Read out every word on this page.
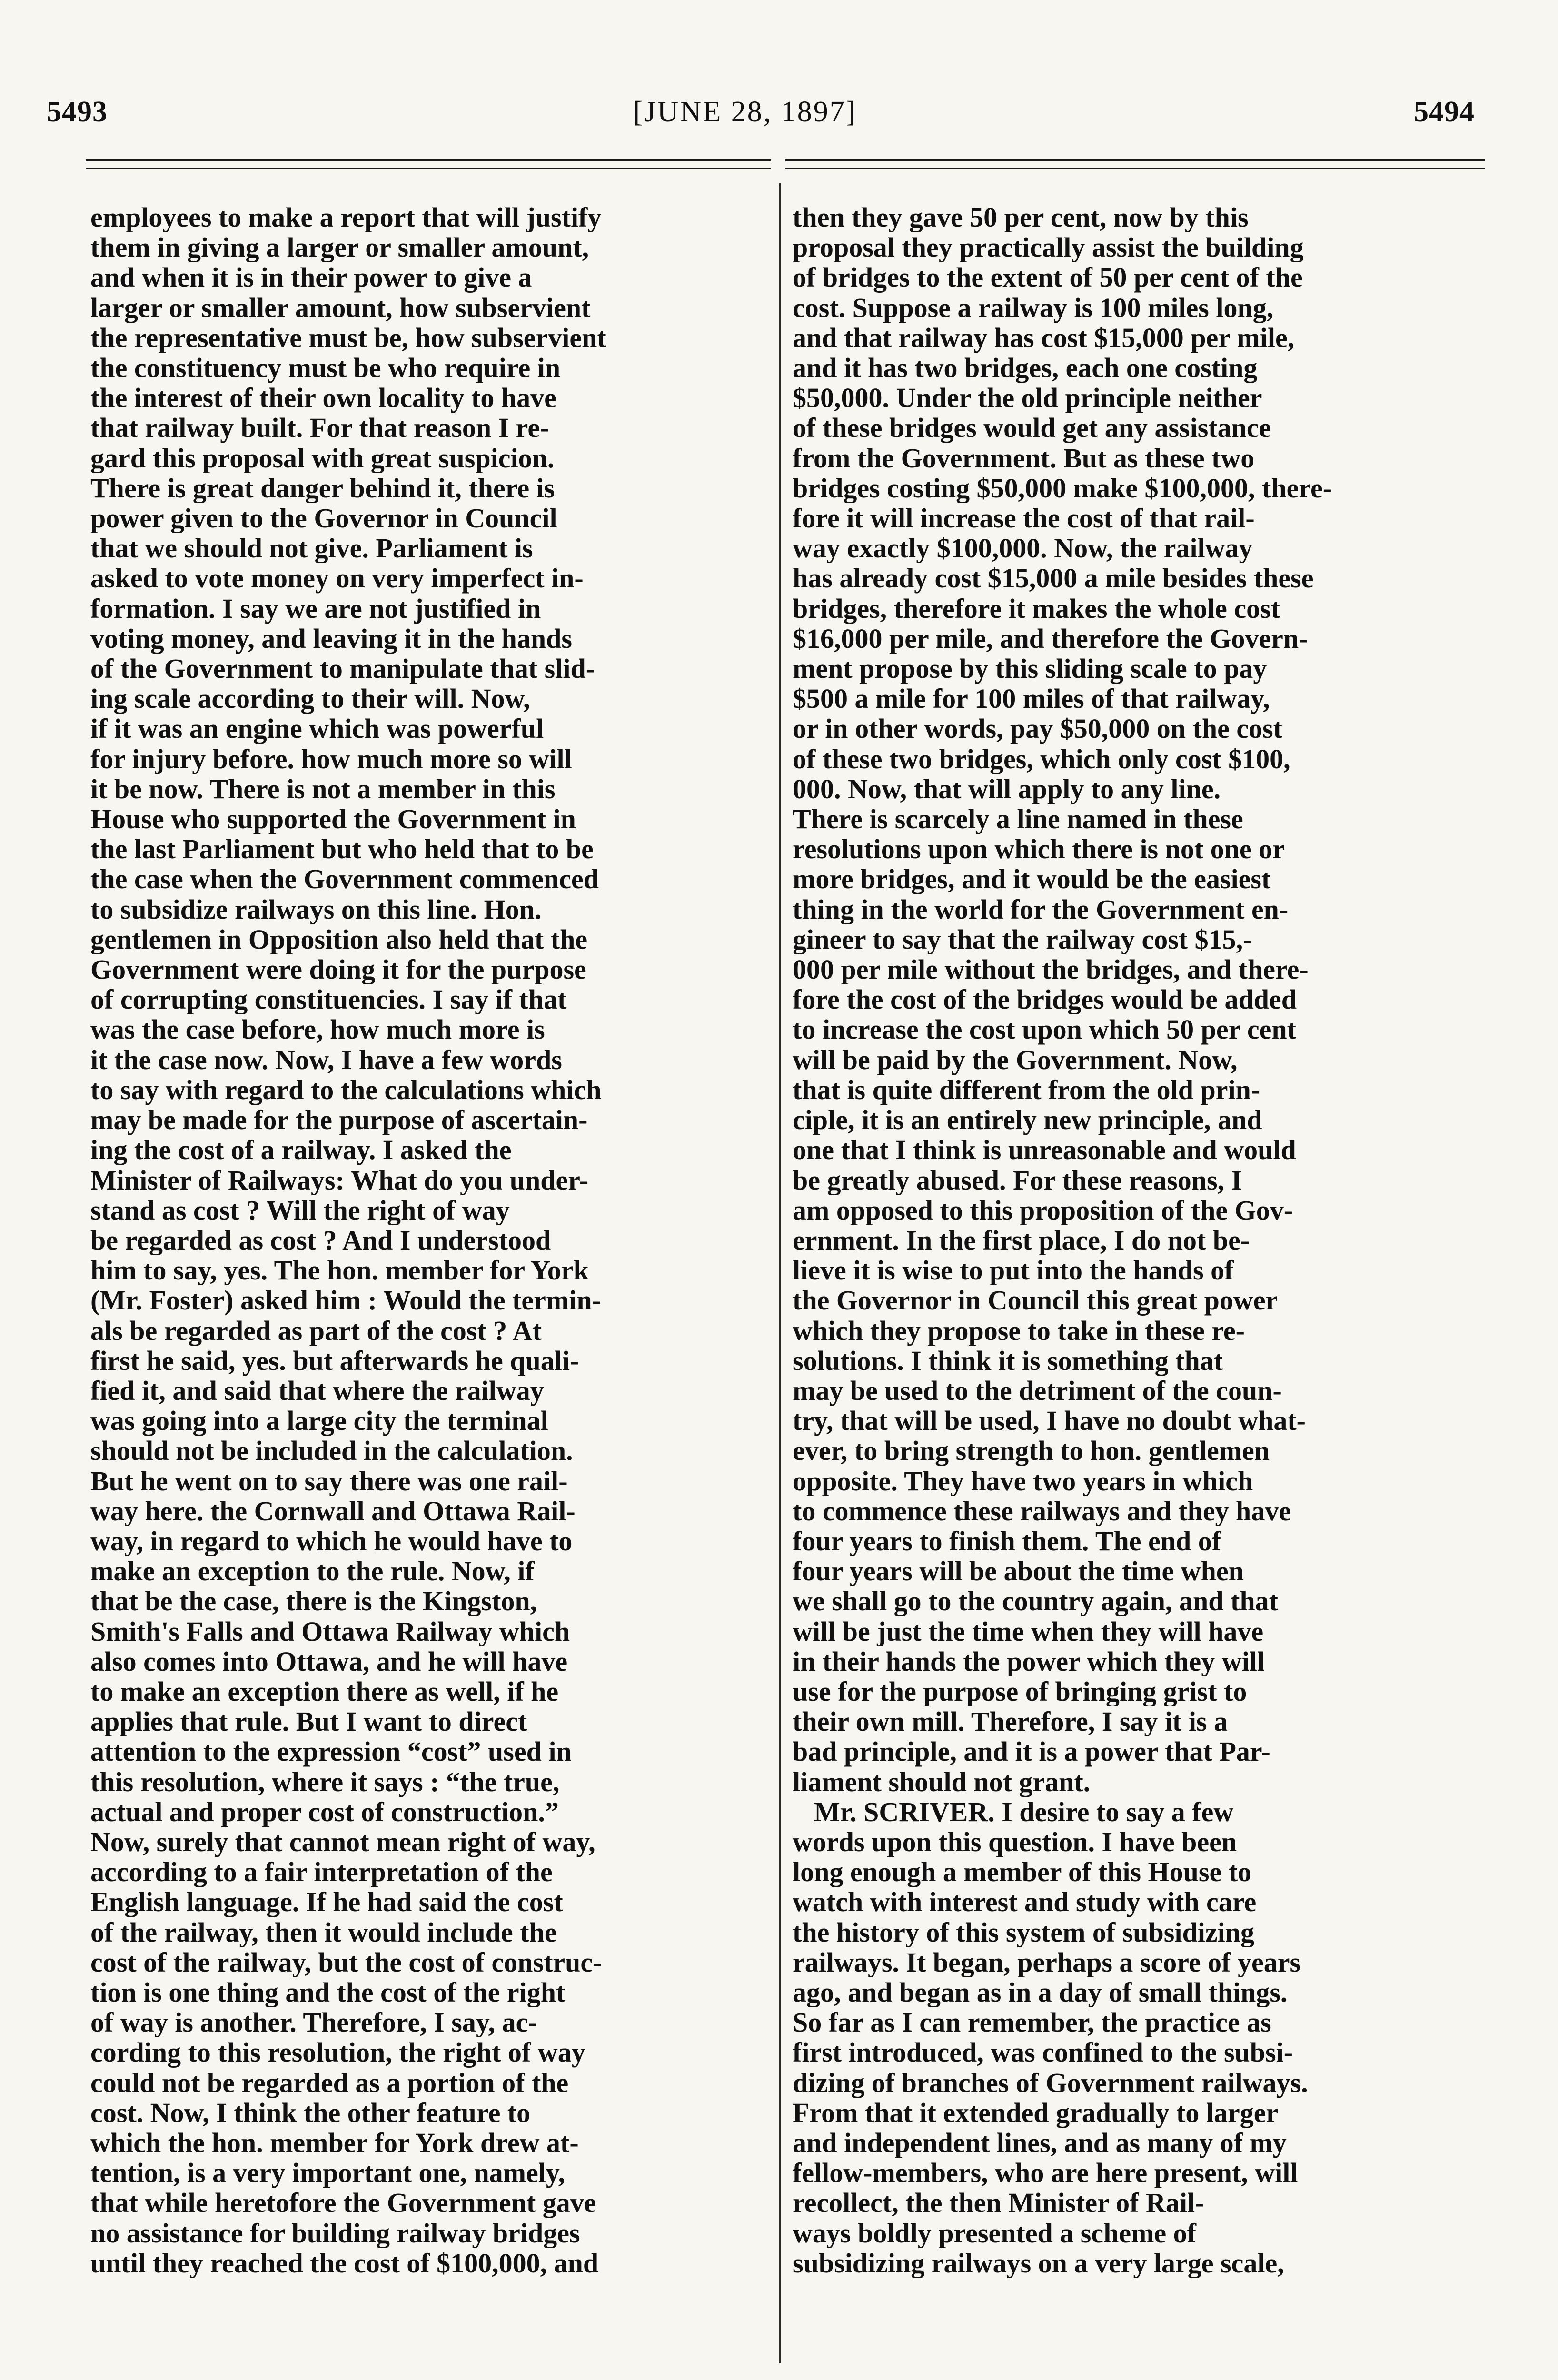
5493	[JUNE 28, 1897]	5494
employees to make a report that will justify
them in giving a larger or smaller amount,
and when it is in their power to give a
larger or smaller amount, how subservient
the representative must be, how subservient
the constituency must be who require in
the interest of their own locality to have
that railway built. For that reason I re-
gard this proposal with great suspicion.
There is great danger behind it, there is
power given to the Governor in Council
that we should not give. Parliament is
asked to vote money on very imperfect in-
formation. I say we are not justified in
voting money, and leaving it in the hands
of the Government to manipulate that slid-
ing scale according to their will. Now,
if it was an engine which was powerful
for injury before. how much more so will
it be now. There is not a member in this
House who supported the Government in
the last Parliament but who held that to be
the case when the Government commenced
to subsidize railways on this line. Hon.
gentlemen in Opposition also held that the
Government were doing it for the purpose
of corrupting constituencies. I say if that
was the case before, how much more is
it the case now. Now, I have a few words
to say with regard to the calculations which
may be made for the purpose of ascertain-
ing the cost of a railway. I asked the
Minister of Railways: What do you under-
stand as cost ? Will the right of way
be regarded as cost ? And I understood
him to say, yes. The hon. member for York
(Mr. Foster) asked him : Would the termin-
als be regarded as part of the cost ? At
first he said, yes. but afterwards he quali-
fied it, and said that where the railway
was going into a large city the terminal
should not be included in the calculation.
But he went on to say there was one rail-
way here. the Cornwall and Ottawa Rail-
way, in regard to which he would have to
make an exception to the rule. Now, if
that be the case, there is the Kingston,
Smith's Falls and Ottawa Railway which
also comes into Ottawa, and he will have
to make an exception there as well, if he
applies that rule. But I want to direct
attention to the expression “cost” used in
this resolution, where it says : “the true,
actual and proper cost of construction.”
Now, surely that cannot mean right of way,
according to a fair interpretation of the
English language. If he had said the cost
of the railway, then it would include the
cost of the railway, but the cost of construc-
tion is one thing and the cost of the right
of way is another. Therefore, I say, ac-
cording to this resolution, the right of way
could not be regarded as a portion of the
cost. Now, I think the other feature to
which the hon. member for York drew at-
tention, is a very important one, namely,
that while heretofore the Government gave
no assistance for building railway bridges
until they reached the cost of $100,000, and
then they gave 50 per cent, now by this
proposal they practically assist the building
of bridges to the extent of 50 per cent of the
cost. Suppose a railway is 100 miles long,
and that railway has cost $15,000 per mile,
and it has two bridges, each one costing
$50,000. Under the old principle neither
of these bridges would get any assistance
from the Government. But as these two
bridges costing $50,000 make $100,000, there-
fore it will increase the cost of that rail-
way exactly $100,000. Now, the railway
has already cost $15,000 a mile besides these
bridges, therefore it makes the whole cost
$16,000 per mile, and therefore the Govern-
ment propose by this sliding scale to pay
$500 a mile for 100 miles of that railway,
or in other words, pay $50,000 on the cost
of these two bridges, which only cost $100,
000. Now, that will apply to any line.
There is scarcely a line named in these
resolutions upon which there is not one or
more bridges, and it would be the easiest
thing in the world for the Government en-
gineer to say that the railway cost $15,-
000 per mile without the bridges, and there-
fore the cost of the bridges would be added
to increase the cost upon which 50 per cent
will be paid by the Government. Now,
that is quite different from the old prin-
ciple, it is an entirely new principle, and
one that I think is unreasonable and would
be greatly abused. For these reasons, I
am opposed to this proposition of the Gov-
ernment. In the first place, I do not be-
lieve it is wise to put into the hands of
the Governor in Council this great power
which they propose to take in these re-
solutions. I think it is something that
may be used to the detriment of the coun-
try, that will be used, I have no doubt what-
ever, to bring strength to hon. gentlemen
opposite. They have two years in which
to commence these railways and they have
four years to finish them. The end of
four years will be about the time when
we shall go to the country again, and that
will be just the time when they will have
in their hands the power which they will
use for the purpose of bringing grist to
their own mill. Therefore, I say it is a
bad principle, and it is a power that Par-
liament should not grant.
Mr. SCRIVER. I desire to say a few
words upon this question. I have been
long enough a member of this House to
watch with interest and study with care
the history of this system of subsidizing
railways. It began, perhaps a score of years
ago, and began as in a day of small things.
So far as I can remember, the practice as
first introduced, was confined to the subsi-
dizing of branches of Government railways.
From that it extended gradually to larger
and independent lines, and as many of my
fellow-members, who are here present, will
recollect, the then Minister of Rail-
ways boldly presented a scheme of
subsidizing railways on a very large scale,
